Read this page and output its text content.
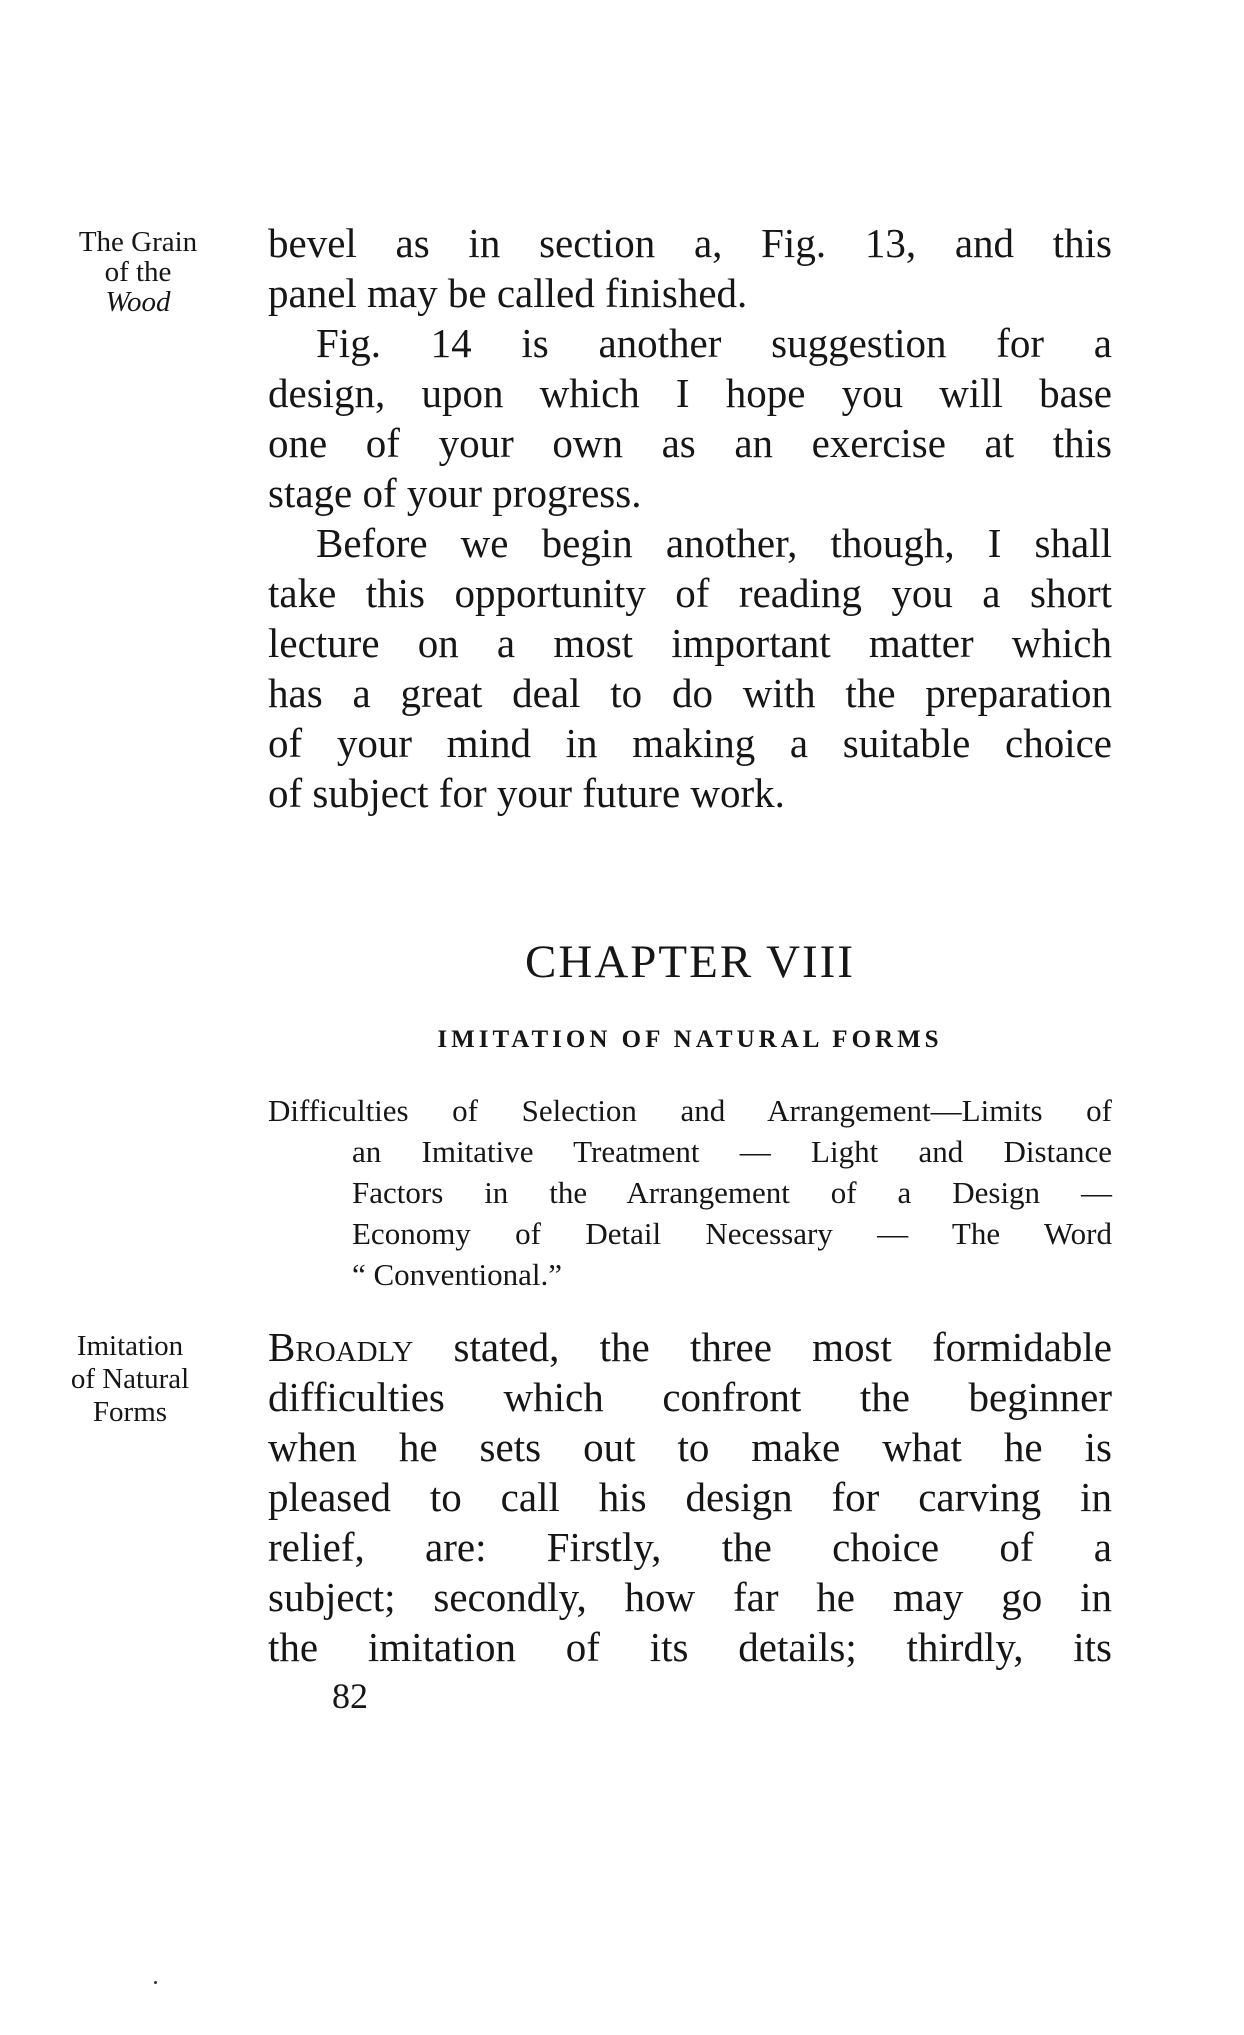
The Grain
of the
Wood
bevel as in section a, Fig. 13, and this
panel may be called finished.
Fig. 14 is another suggestion for a
design, upon which I hope you will base
one of your own as an exercise at this
stage of your progress.
Before we begin another, though, I shall
take this opportunity of reading you a short
lecture on a most important matter which
has a great deal to do with the preparation
of your mind in making a suitable choice
of subject for your future work.
CHAPTER VIII
IMITATION OF NATURAL FORMS
Difficulties of Selection and Arrangement—Limits of
an Imitative Treatment — Light and Distance
Factors in the Arrangement of a Design —
Economy of Detail Necessary — The Word
“ Conventional.”
Imitation
of Natural
Forms
Broadly stated, the three most formidable
difficulties which confront the beginner
when he sets out to make what he is
pleased to call his design for carving in
relief, are: Firstly, the choice of a
subject; secondly, how far he may go in
the imitation of its details; thirdly, its
82
